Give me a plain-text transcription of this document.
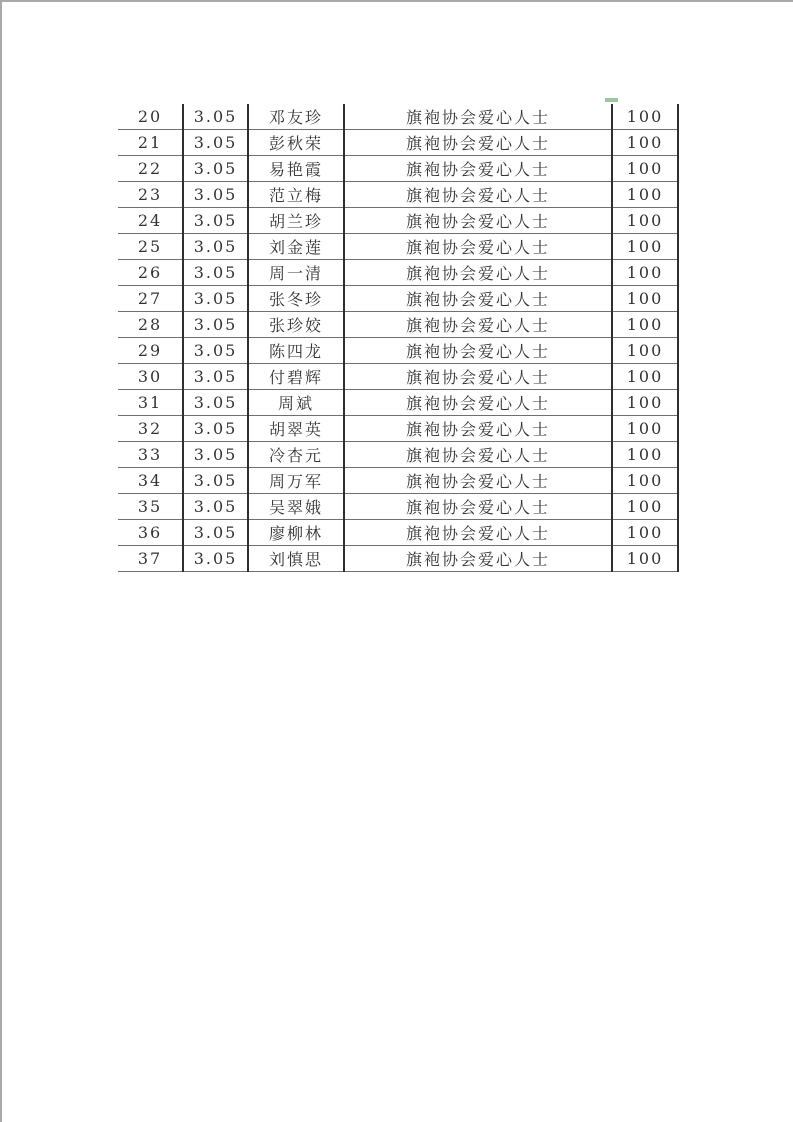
20	3.05	邓友珍	旗袍协会爱心人士	100
21	3.05	彭秋荣	旗袍协会爱心人士	100
22	3.05	易艳霞	旗袍协会爱心人士	100
23	3.05	范立梅	旗袍协会爱心人士	100
24	3.05	胡兰珍	旗袍协会爱心人士	100
25	3.05	刘金莲	旗袍协会爱心人士	100
26	3.05	周一清	旗袍协会爱心人士	100
27	3.05	张冬珍	旗袍协会爱心人士	100
28	3.05	张珍姣	旗袍协会爱心人士	100
29	3.05	陈四龙	旗袍协会爱心人士	100
30	3.05	付碧辉	旗袍协会爱心人士	100
31	3.05	周斌	旗袍协会爱心人士	100
32	3.05	胡翠英	旗袍协会爱心人士	100
33	3.05	冷杏元	旗袍协会爱心人士	100
34	3.05	周万军	旗袍协会爱心人士	100
35	3.05	吴翠娥	旗袍协会爱心人士	100
36	3.05	廖柳林	旗袍协会爱心人士	100
37	3.05	刘慎思	旗袍协会爱心人士	100
